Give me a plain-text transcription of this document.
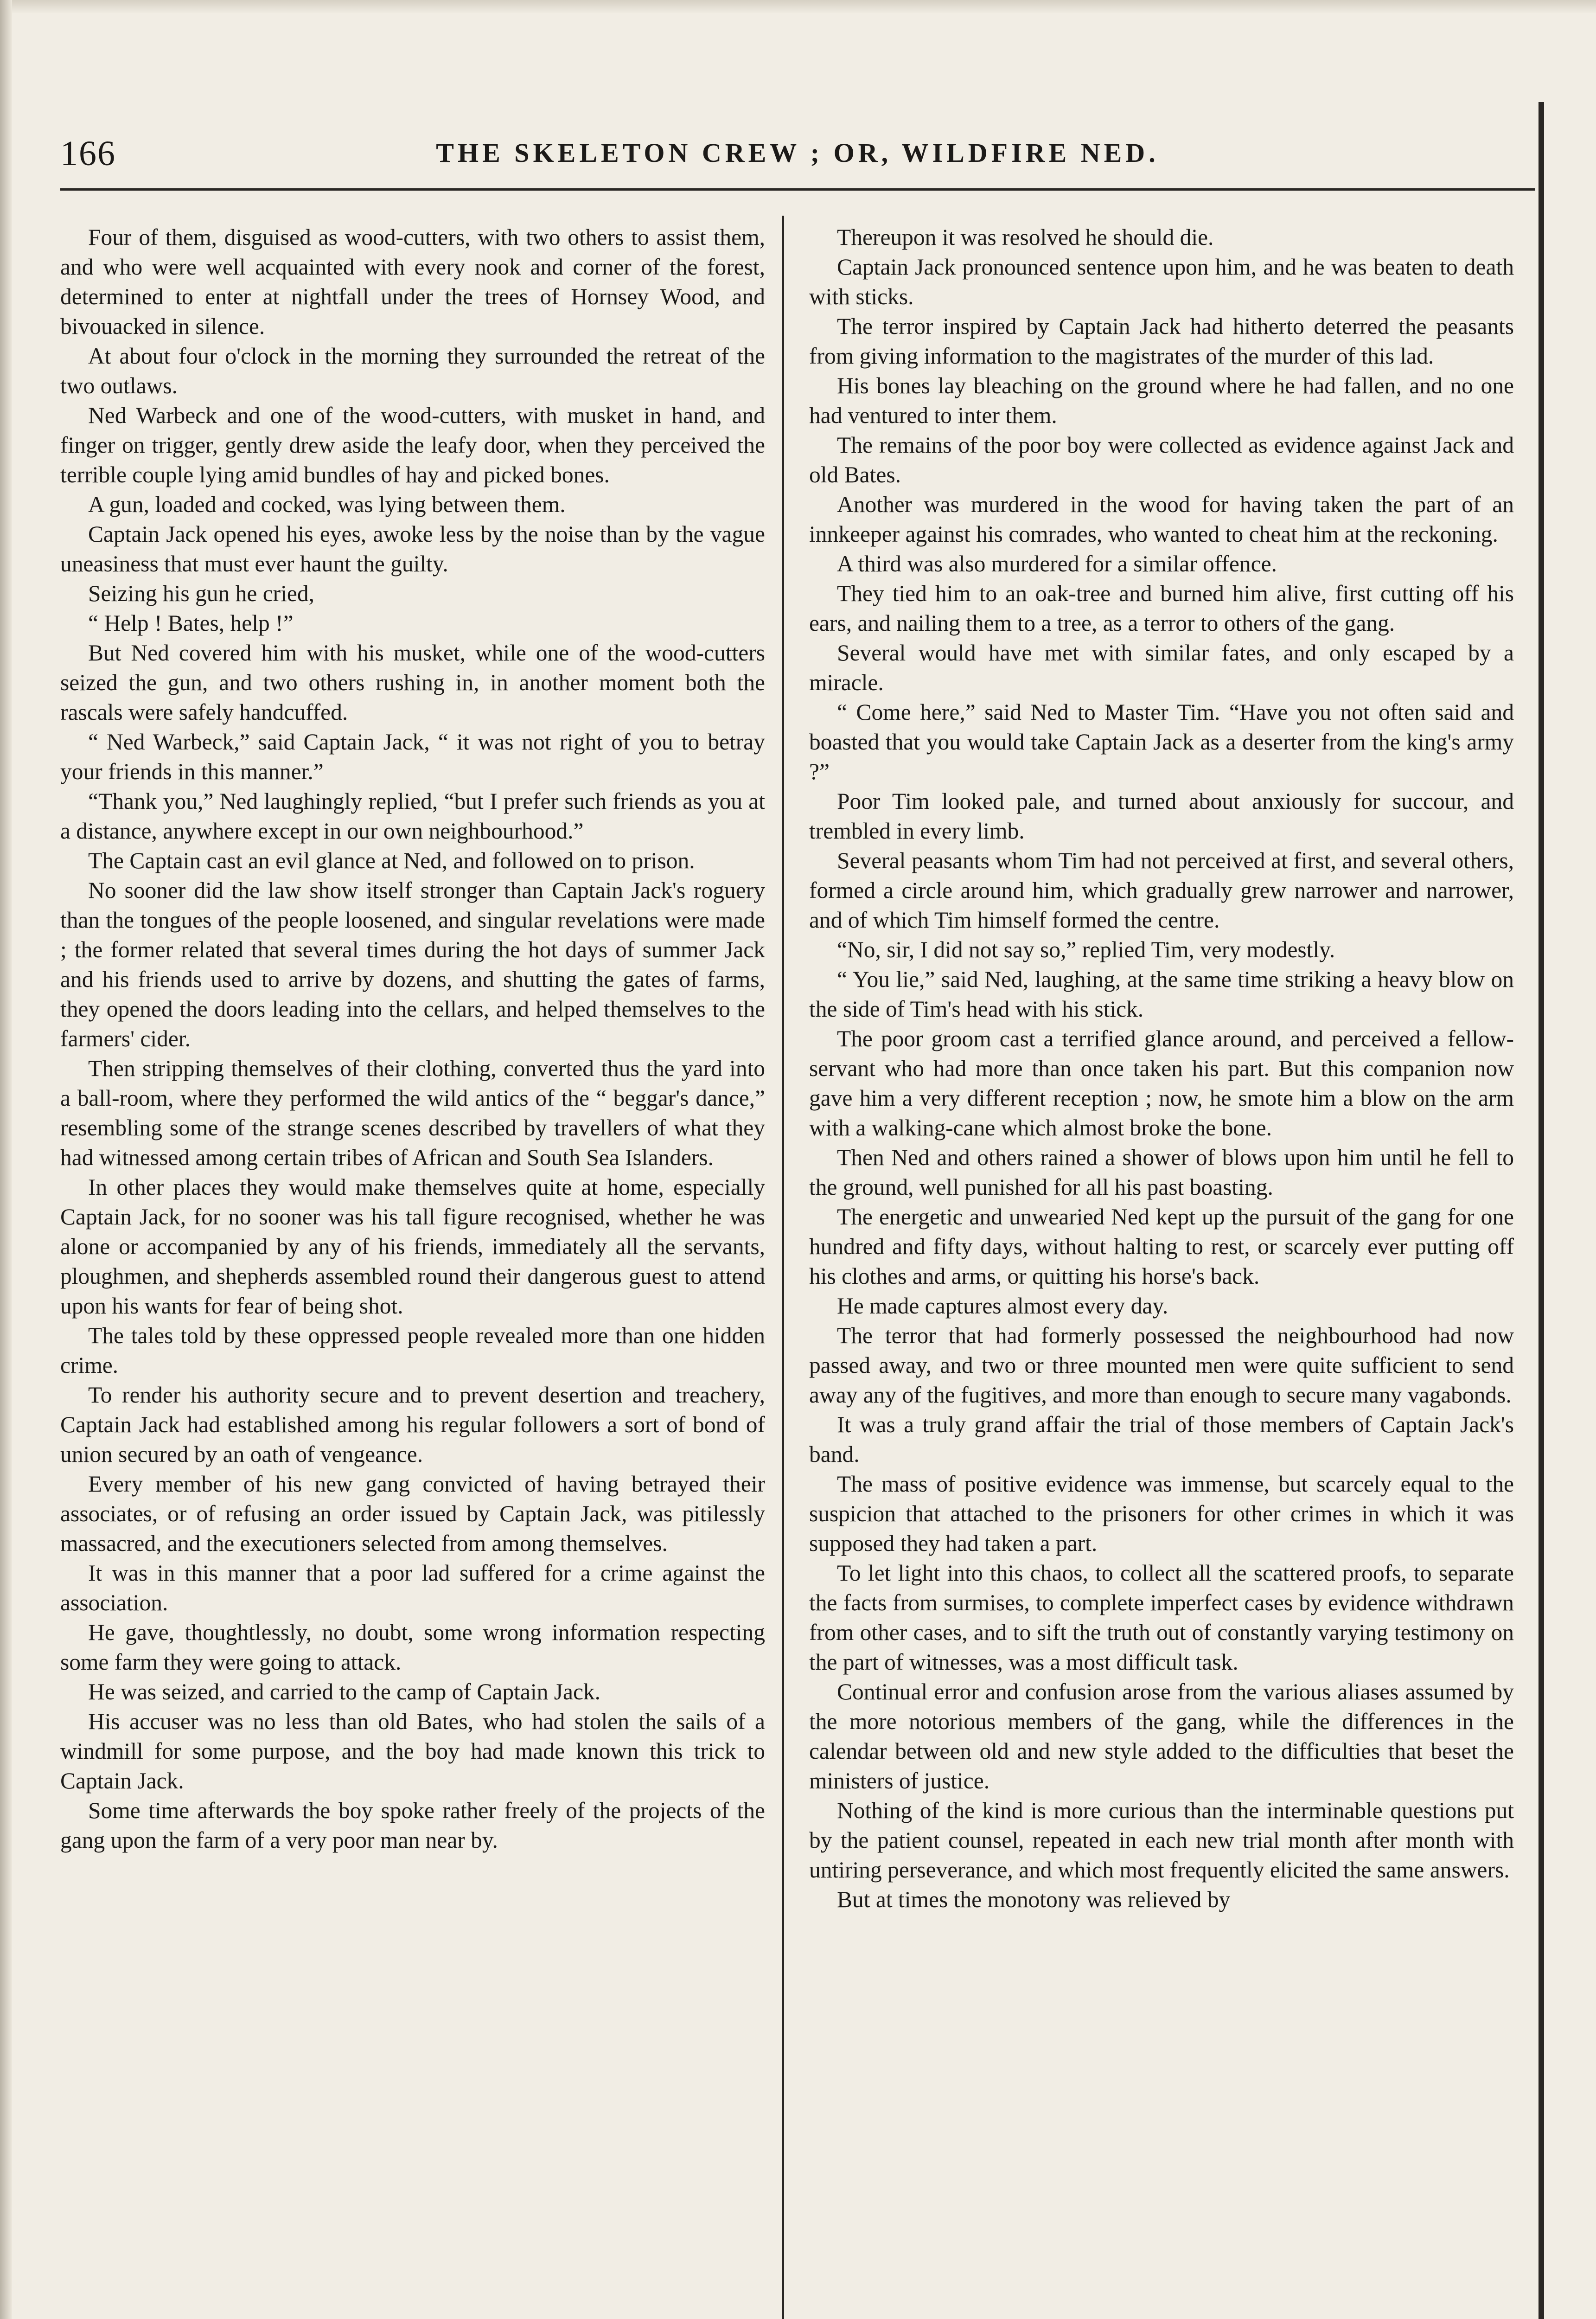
166	THE SKELETON CREW ; OR, WILDFIRE NED.

Four of them, disguised as wood-cutters, with two others to assist them, and who were well acquainted with every nook and corner of the forest, determined to enter at nightfall under the trees of Hornsey Wood, and bivouacked in silence.

At about four o'clock in the morning they surrounded the retreat of the two outlaws.

Ned Warbeck and one of the wood-cutters, with musket in hand, and finger on trigger, gently drew aside the leafy door, when they perceived the terrible couple lying amid bundles of hay and picked bones.

A gun, loaded and cocked, was lying between them.

Captain Jack opened his eyes, awoke less by the noise than by the vague uneasiness that must ever haunt the guilty.

Seizing his gun he cried,

“ Help ! Bates, help !”

But Ned covered him with his musket, while one of the wood-cutters seized the gun, and two others rushing in, in another moment both the rascals were safely handcuffed.

“ Ned Warbeck,” said Captain Jack, “ it was not right of you to betray your friends in this manner.”

“Thank you,” Ned laughingly replied, “but I prefer such friends as you at a distance, anywhere except in our own neighbourhood.”

The Captain cast an evil glance at Ned, and followed on to prison.

No sooner did the law show itself stronger than Captain Jack's roguery than the tongues of the people loosened, and singular revelations were made ; the former related that several times during the hot days of summer Jack and his friends used to arrive by dozens, and shutting the gates of farms, they opened the doors leading into the cellars, and helped themselves to the farmers' cider.

Then stripping themselves of their clothing, converted thus the yard into a ball-room, where they performed the wild antics of the “ beggar's dance,” resembling some of the strange scenes described by travellers of what they had witnessed among certain tribes of African and South Sea Islanders.

In other places they would make themselves quite at home, especially Captain Jack, for no sooner was his tall figure recognised, whether he was alone or accompanied by any of his friends, immediately all the servants, ploughmen, and shepherds assembled round their dangerous guest to attend upon his wants for fear of being shot.

The tales told by these oppressed people revealed more than one hidden crime.

To render his authority secure and to prevent desertion and treachery, Captain Jack had established among his regular followers a sort of bond of union secured by an oath of vengeance.

Every member of his new gang convicted of having betrayed their associates, or of refusing an order issued by Captain Jack, was pitilessly massacred, and the executioners selected from among themselves.

It was in this manner that a poor lad suffered for a crime against the association.

He gave, thoughtlessly, no doubt, some wrong information respecting some farm they were going to attack.

He was seized, and carried to the camp of Captain Jack.

His accuser was no less than old Bates, who had stolen the sails of a windmill for some purpose, and the boy had made known this trick to Captain Jack.

Some time afterwards the boy spoke rather freely of the projects of the gang upon the farm of a very poor man near by.

Thereupon it was resolved he should die.

Captain Jack pronounced sentence upon him, and he was beaten to death with sticks.

The terror inspired by Captain Jack had hitherto deterred the peasants from giving information to the magistrates of the murder of this lad.

His bones lay bleaching on the ground where he had fallen, and no one had ventured to inter them.

The remains of the poor boy were collected as evidence against Jack and old Bates.

Another was murdered in the wood for having taken the part of an innkeeper against his comrades, who wanted to cheat him at the reckoning.

A third was also murdered for a similar offence.

They tied him to an oak-tree and burned him alive, first cutting off his ears, and nailing them to a tree, as a terror to others of the gang.

Several would have met with similar fates, and only escaped by a miracle.

“ Come here,” said Ned to Master Tim. “Have you not often said and boasted that you would take Captain Jack as a deserter from the king's army ?”

Poor Tim looked pale, and turned about anxiously for succour, and trembled in every limb.

Several peasants whom Tim had not perceived at first, and several others, formed a circle around him, which gradually grew narrower and narrower, and of which Tim himself formed the centre.

“No, sir, I did not say so,” replied Tim, very modestly.

“ You lie,” said Ned, laughing, at the same time striking a heavy blow on the side of Tim's head with his stick.

The poor groom cast a terrified glance around, and perceived a fellow-servant who had more than once taken his part. But this companion now gave him a very different reception ; now, he smote him a blow on the arm with a walking-cane which almost broke the bone.

Then Ned and others rained a shower of blows upon him until he fell to the ground, well punished for all his past boasting.

The energetic and unwearied Ned kept up the pursuit of the gang for one hundred and fifty days, without halting to rest, or scarcely ever putting off his clothes and arms, or quitting his horse's back.

He made captures almost every day.

The terror that had formerly possessed the neighbourhood had now passed away, and two or three mounted men were quite sufficient to send away any of the fugitives, and more than enough to secure many vagabonds.

It was a truly grand affair the trial of those members of Captain Jack's band.

The mass of positive evidence was immense, but scarcely equal to the suspicion that attached to the prisoners for other crimes in which it was supposed they had taken a part.

To let light into this chaos, to collect all the scattered proofs, to separate the facts from surmises, to complete imperfect cases by evidence withdrawn from other cases, and to sift the truth out of constantly varying testimony on the part of witnesses, was a most difficult task.

Continual error and confusion arose from the various aliases assumed by the more notorious members of the gang, while the differences in the calendar between old and new style added to the difficulties that beset the ministers of justice.

Nothing of the kind is more curious than the interminable questions put by the patient counsel, repeated in each new trial month after month with untiring perseverance, and which most frequently elicited the same answers.

But at times the monotony was relieved by
